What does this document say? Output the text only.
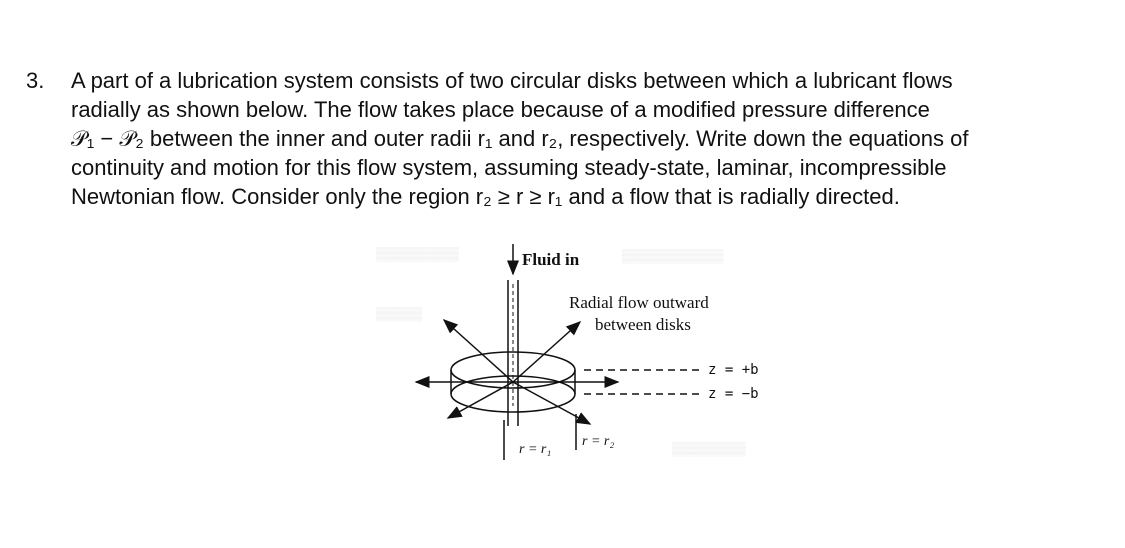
3. A part of a lubrication system consists of two circular disks between which a lubricant flows
radially as shown below. The flow takes place because of a modified pressure difference
𝒫₁ − 𝒫₂ between the inner and outer radii r₁ and r₂, respectively. Write down the equations of
continuity and motion for this flow system, assuming steady-state, laminar, incompressible
Newtonian flow. Consider only the region r₂ ≥ r ≥ r₁ and a flow that is radially directed.
▒▒▒▒▒▒▒▒▒	▒▒▒▒▒▒▒▒▒▒▒
▒▒▒▒▒
▒▒▒▒▒▒▒▒
Fluid in
Radial flow outward
between disks
z = +b
z = −b
r = r₁
r = r₂
